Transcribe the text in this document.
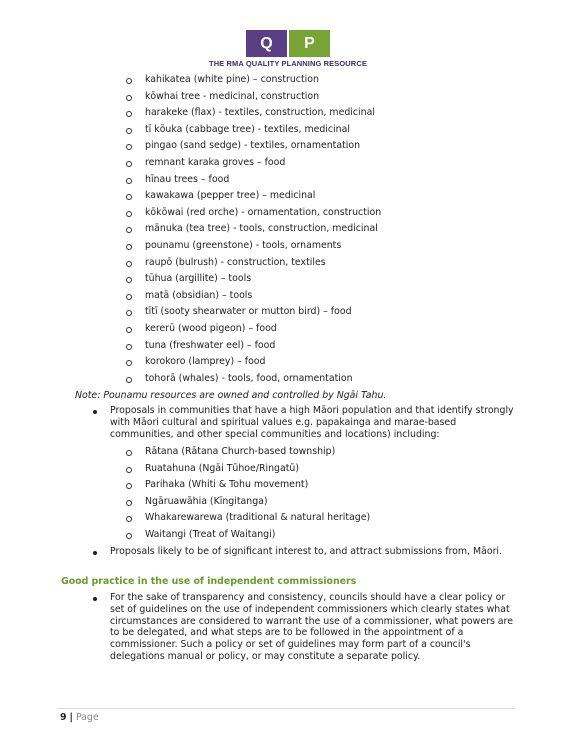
Q	P
THE RMA QUALITY PLANNING RESOURCE
kahikatea (white pine) – construction
kōwhai tree - medicinal, construction
harakeke (flax) - textiles, construction, medicinal
tī kōuka (cabbage tree) - textiles, medicinal
pingao (sand sedge) - textiles, ornamentation
remnant karaka groves – food
hīnau trees – food
kawakawa (pepper tree) – medicinal
kōkōwai (red orche) - ornamentation, construction
mānuka (tea tree) - tools, construction, medicinal
pounamu (greenstone) - tools, ornaments
raupō (bulrush) - construction, textiles
tūhua (argillite) – tools
matā (obsidian) – tools
tītī (sooty shearwater or mutton bird) – food
kererū (wood pigeon) – food
tuna (freshwater eel) – food
korokoro (lamprey) – food
tohorā (whales) - tools, food, ornamentation
Note: Pounamu resources are owned and controlled by Ngāi Tahu.
Proposals in communities that have a high Māori population and that identify strongly with Māori cultural and spiritual values e.g. papakainga and marae-based communities, and other special communities and locations) including:
Rātana (Rātana Church-based township)
Ruatahuna (Ngāi Tūhoe/Ringatū)
Parihaka (Whiti & Tohu movement)
Ngāruawāhia (Kīngitanga)
Whakarewarewa (traditional & natural heritage)
Waitangi (Treat of Waitangi)
Proposals likely to be of significant interest to, and attract submissions from, Māori.
Good practice in the use of independent commissioners
For the sake of transparency and consistency, councils should have a clear policy or set of guidelines on the use of independent commissioners which clearly states what circumstances are considered to warrant the use of a commissioner, what powers are to be delegated, and what steps are to be followed in the appointment of a commissioner. Such a policy or set of guidelines may form part of a council's delegations manual or policy, or may constitute a separate policy.
9 | Page
